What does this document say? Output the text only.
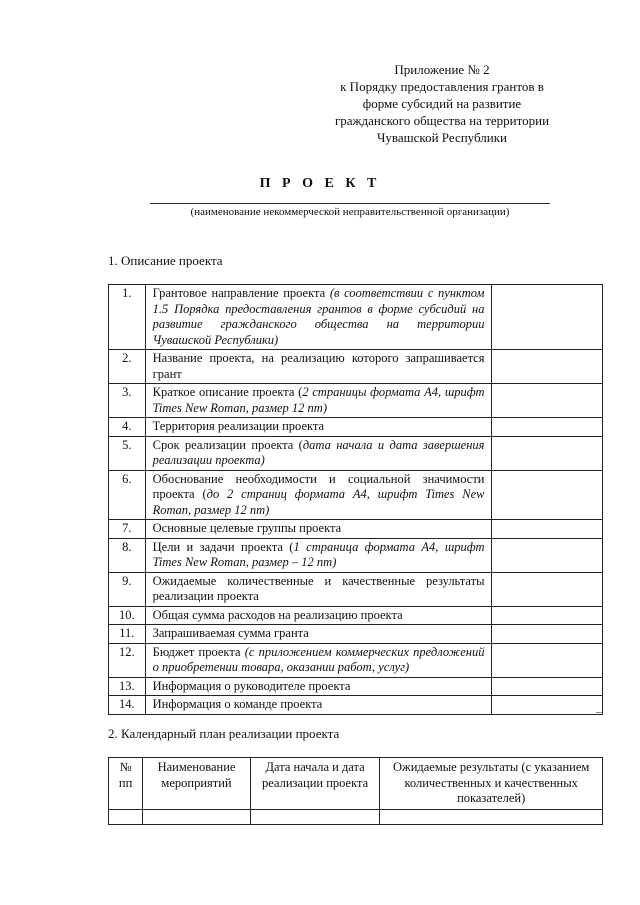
Приложение № 2
к Порядку предоставления грантов в
форме субсидий на развитие
гражданского общества на территории
Чувашской Республики
П Р О Е К Т
(наименование некоммерческой неправительственной организации)
1. Описание проекта
1.	Грантовое направление проекта (в соответствии с пунктом 1.5 Порядка предоставления грантов в форме субсидий на развитие гражданского общества на территории Чувашской Республики)	
2.	Название проекта, на реализацию которого запрашивается грант	
3.	Краткое описание проекта (2 страницы формата А4, шрифт Times New Roman, размер 12 пт)	
4.	Территория реализации проекта	
5.	Срок реализации проекта (дата начала и дата завершения реализации проекта)	
6.	Обоснование необходимости и социальной значимости проекта (до 2 страниц формата А4, шрифт Times New Roman, размер 12 пт)	
7.	Основные целевые группы проекта	
8.	Цели и задачи проекта (1 страница формата А4, шрифт Times New Roman, размер – 12 пт)	
9.	Ожидаемые количественные и качественные результаты реализации проекта	
10.	Общая сумма расходов на реализацию проекта	
11.	Запрашиваемая сумма гранта	
12.	Бюджет проекта (с приложением коммерческих предложений о приобретении товара, оказании работ, услуг)	
13.	Информация о руководителе проекта	
14.	Информация о команде проекта	
–
2. Календарный план реализации проекта
№ пп	Наименование мероприятий	Дата начала и дата реализации проекта	Ожидаемые результаты (с указанием количественных и качественных показателей)
